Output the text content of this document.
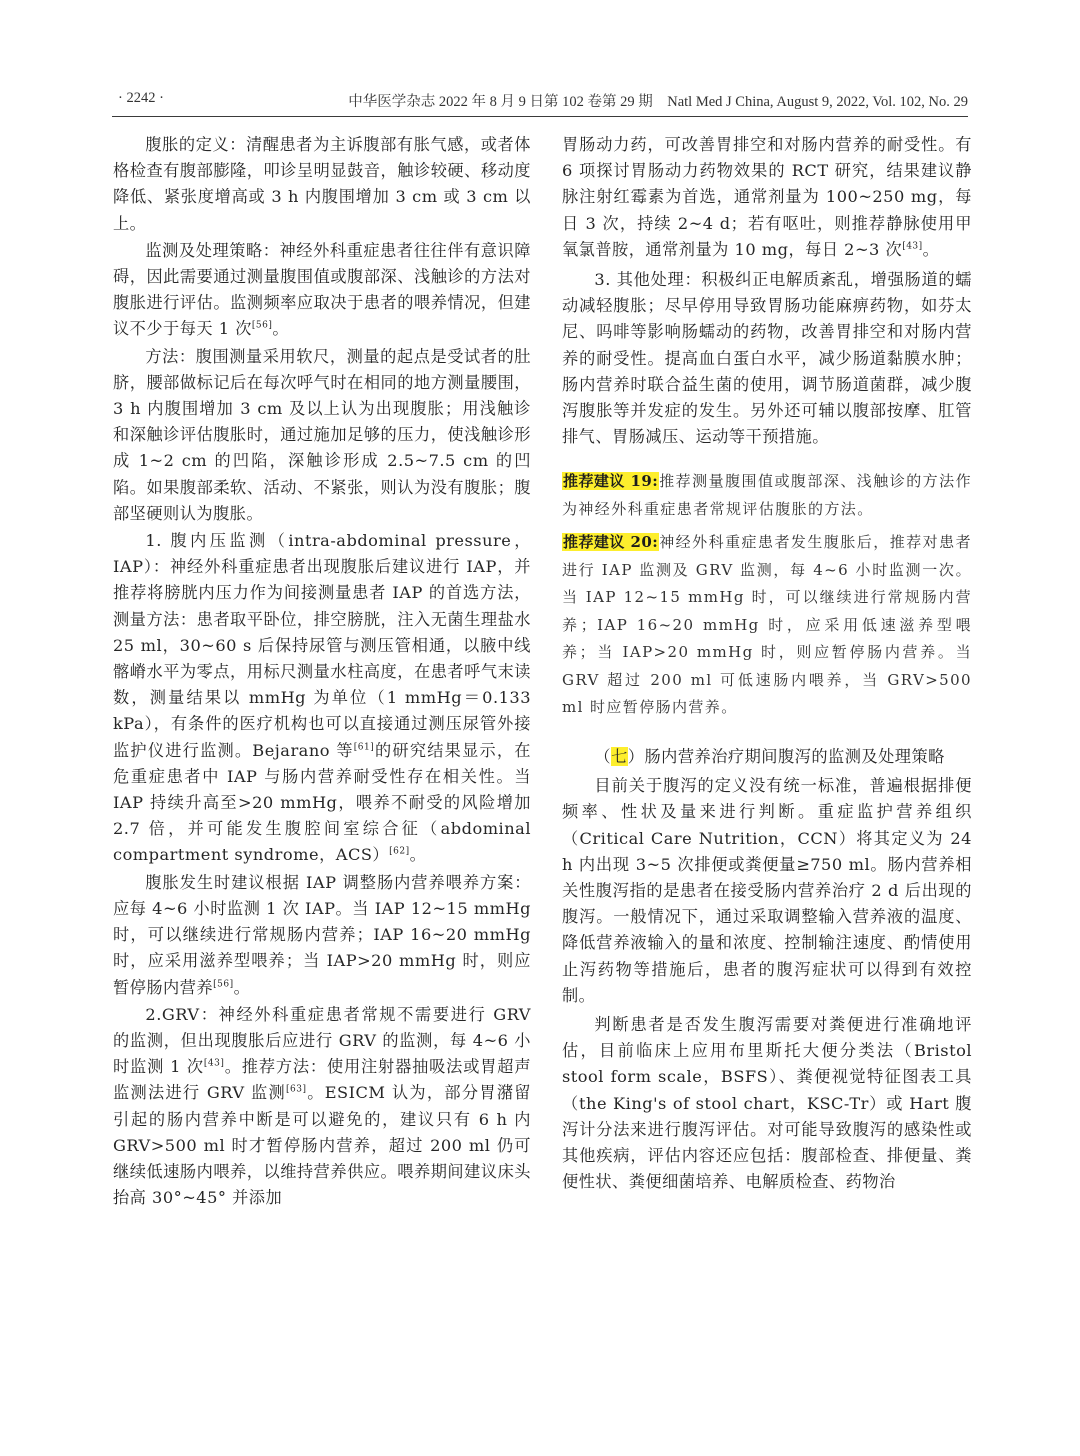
· 2242 ·	中华医学杂志 2022 年 8 月 9 日第 102 卷第 29 期　Natl Med J China, August 9, 2022, Vol. 102, No. 29

腹胀的定义：清醒患者为主诉腹部有胀气感，或者体格检查有腹部膨隆，叩诊呈明显鼓音，触诊较硬、移动度降低、紧张度增高或 3 h 内腹围增加 3 cm 或 3 cm 以上。

监测及处理策略：神经外科重症患者往往伴有意识障碍，因此需要通过测量腹围值或腹部深、浅触诊的方法对腹胀进行评估。监测频率应取决于患者的喂养情况，但建议不少于每天 1 次[56]。

方法：腹围测量采用软尺，测量的起点是受试者的肚脐，腰部做标记后在每次呼气时在相同的地方测量腰围，3 h 内腹围增加 3 cm 及以上认为出现腹胀；用浅触诊和深触诊评估腹胀时，通过施加足够的压力，使浅触诊形成 1~2 cm 的凹陷，深触诊形成 2.5~7.5 cm 的凹陷。如果腹部柔软、活动、不紧张，则认为没有腹胀；腹部坚硬则认为腹胀。

1. 腹内压监测（intra-abdominal pressure，IAP）：神经外科重症患者出现腹胀后建议进行 IAP，并推荐将膀胱内压力作为间接测量患者 IAP 的首选方法，测量方法：患者取平卧位，排空膀胱，注入无菌生理盐水 25 ml，30~60 s 后保持尿管与测压管相通，以腋中线髂嵴水平为零点，用标尺测量水柱高度，在患者呼气末读数，测量结果以 mmHg 为单位（1 mmHg＝0.133 kPa），有条件的医疗机构也可以直接通过测压尿管外接监护仪进行监测。Bejarano 等[61]的研究结果显示，在危重症患者中 IAP 与肠内营养耐受性存在相关性。当 IAP 持续升高至>20 mmHg，喂养不耐受的风险增加 2.7 倍，并可能发生腹腔间室综合征（abdominal compartment syndrome，ACS）[62]。

腹胀发生时建议根据 IAP 调整肠内营养喂养方案：应每 4~6 小时监测 1 次 IAP。当 IAP 12~15 mmHg 时，可以继续进行常规肠内营养；IAP 16~20 mmHg 时，应采用滋养型喂养；当 IAP>20 mmHg 时，则应暂停肠内营养[56]。

2.GRV：神经外科重症患者常规不需要进行 GRV 的监测，但出现腹胀后应进行 GRV 的监测，每 4~6 小时监测 1 次[43]。推荐方法：使用注射器抽吸法或胃超声监测法进行 GRV 监测[63]。ESICM 认为，部分胃潴留引起的肠内营养中断是可以避免的，建议只有 6 h 内 GRV>500 ml 时才暂停肠内营养，超过 200 ml 仍可继续低速肠内喂养，以维持营养供应。喂养期间建议床头抬高 30°~45° 并添加

胃肠动力药，可改善胃排空和对肠内营养的耐受性。有 6 项探讨胃肠动力药物效果的 RCT 研究，结果建议静脉注射红霉素为首选，通常剂量为 100~250 mg，每日 3 次，持续 2~4 d；若有呕吐，则推荐静脉使用甲氧氯普胺，通常剂量为 10 mg，每日 2~3 次[43]。

3. 其他处理：积极纠正电解质紊乱，增强肠道的蠕动减轻腹胀；尽早停用导致胃肠功能麻痹药物，如芬太尼、吗啡等影响肠蠕动的药物，改善胃排空和对肠内营养的耐受性。提高血白蛋白水平，减少肠道黏膜水肿；肠内营养时联合益生菌的使用，调节肠道菌群，减少腹泻腹胀等并发症的发生。另外还可辅以腹部按摩、肛管排气、胃肠减压、运动等干预措施。

推荐建议 19:推荐测量腹围值或腹部深、浅触诊的方法作为神经外科重症患者常规评估腹胀的方法。

推荐建议 20:神经外科重症患者发生腹胀后，推荐对患者进行 IAP 监测及 GRV 监测，每 4~6 小时监测一次。当 IAP 12~15 mmHg 时，可以继续进行常规肠内营养；IAP 16~20 mmHg 时，应采用低速滋养型喂养；当 IAP>20 mmHg 时，则应暂停肠内营养。当 GRV 超过 200 ml 可低速肠内喂养，当 GRV>500 ml 时应暂停肠内营养。

（七）肠内营养治疗期间腹泻的监测及处理策略

目前关于腹泻的定义没有统一标准，普遍根据排便频率、性状及量来进行判断。重症监护营养组织（Critical Care Nutrition，CCN）将其定义为 24 h 内出现 3~5 次排便或粪便量≥750 ml。肠内营养相关性腹泻指的是患者在接受肠内营养治疗 2 d 后出现的腹泻。一般情况下，通过采取调整输入营养液的温度、降低营养液输入的量和浓度、控制输注速度、酌情使用止泻药物等措施后，患者的腹泻症状可以得到有效控制。

判断患者是否发生腹泻需要对粪便进行准确地评估，目前临床上应用布里斯托大便分类法（Bristol stool form scale，BSFS）、粪便视觉特征图表工具（the King's of stool chart，KSC-Tr）或 Hart 腹泻计分法来进行腹泻评估。对可能导致腹泻的感染性或其他疾病，评估内容还应包括：腹部检查、排便量、粪便性状、粪便细菌培养、电解质检查、药物治
